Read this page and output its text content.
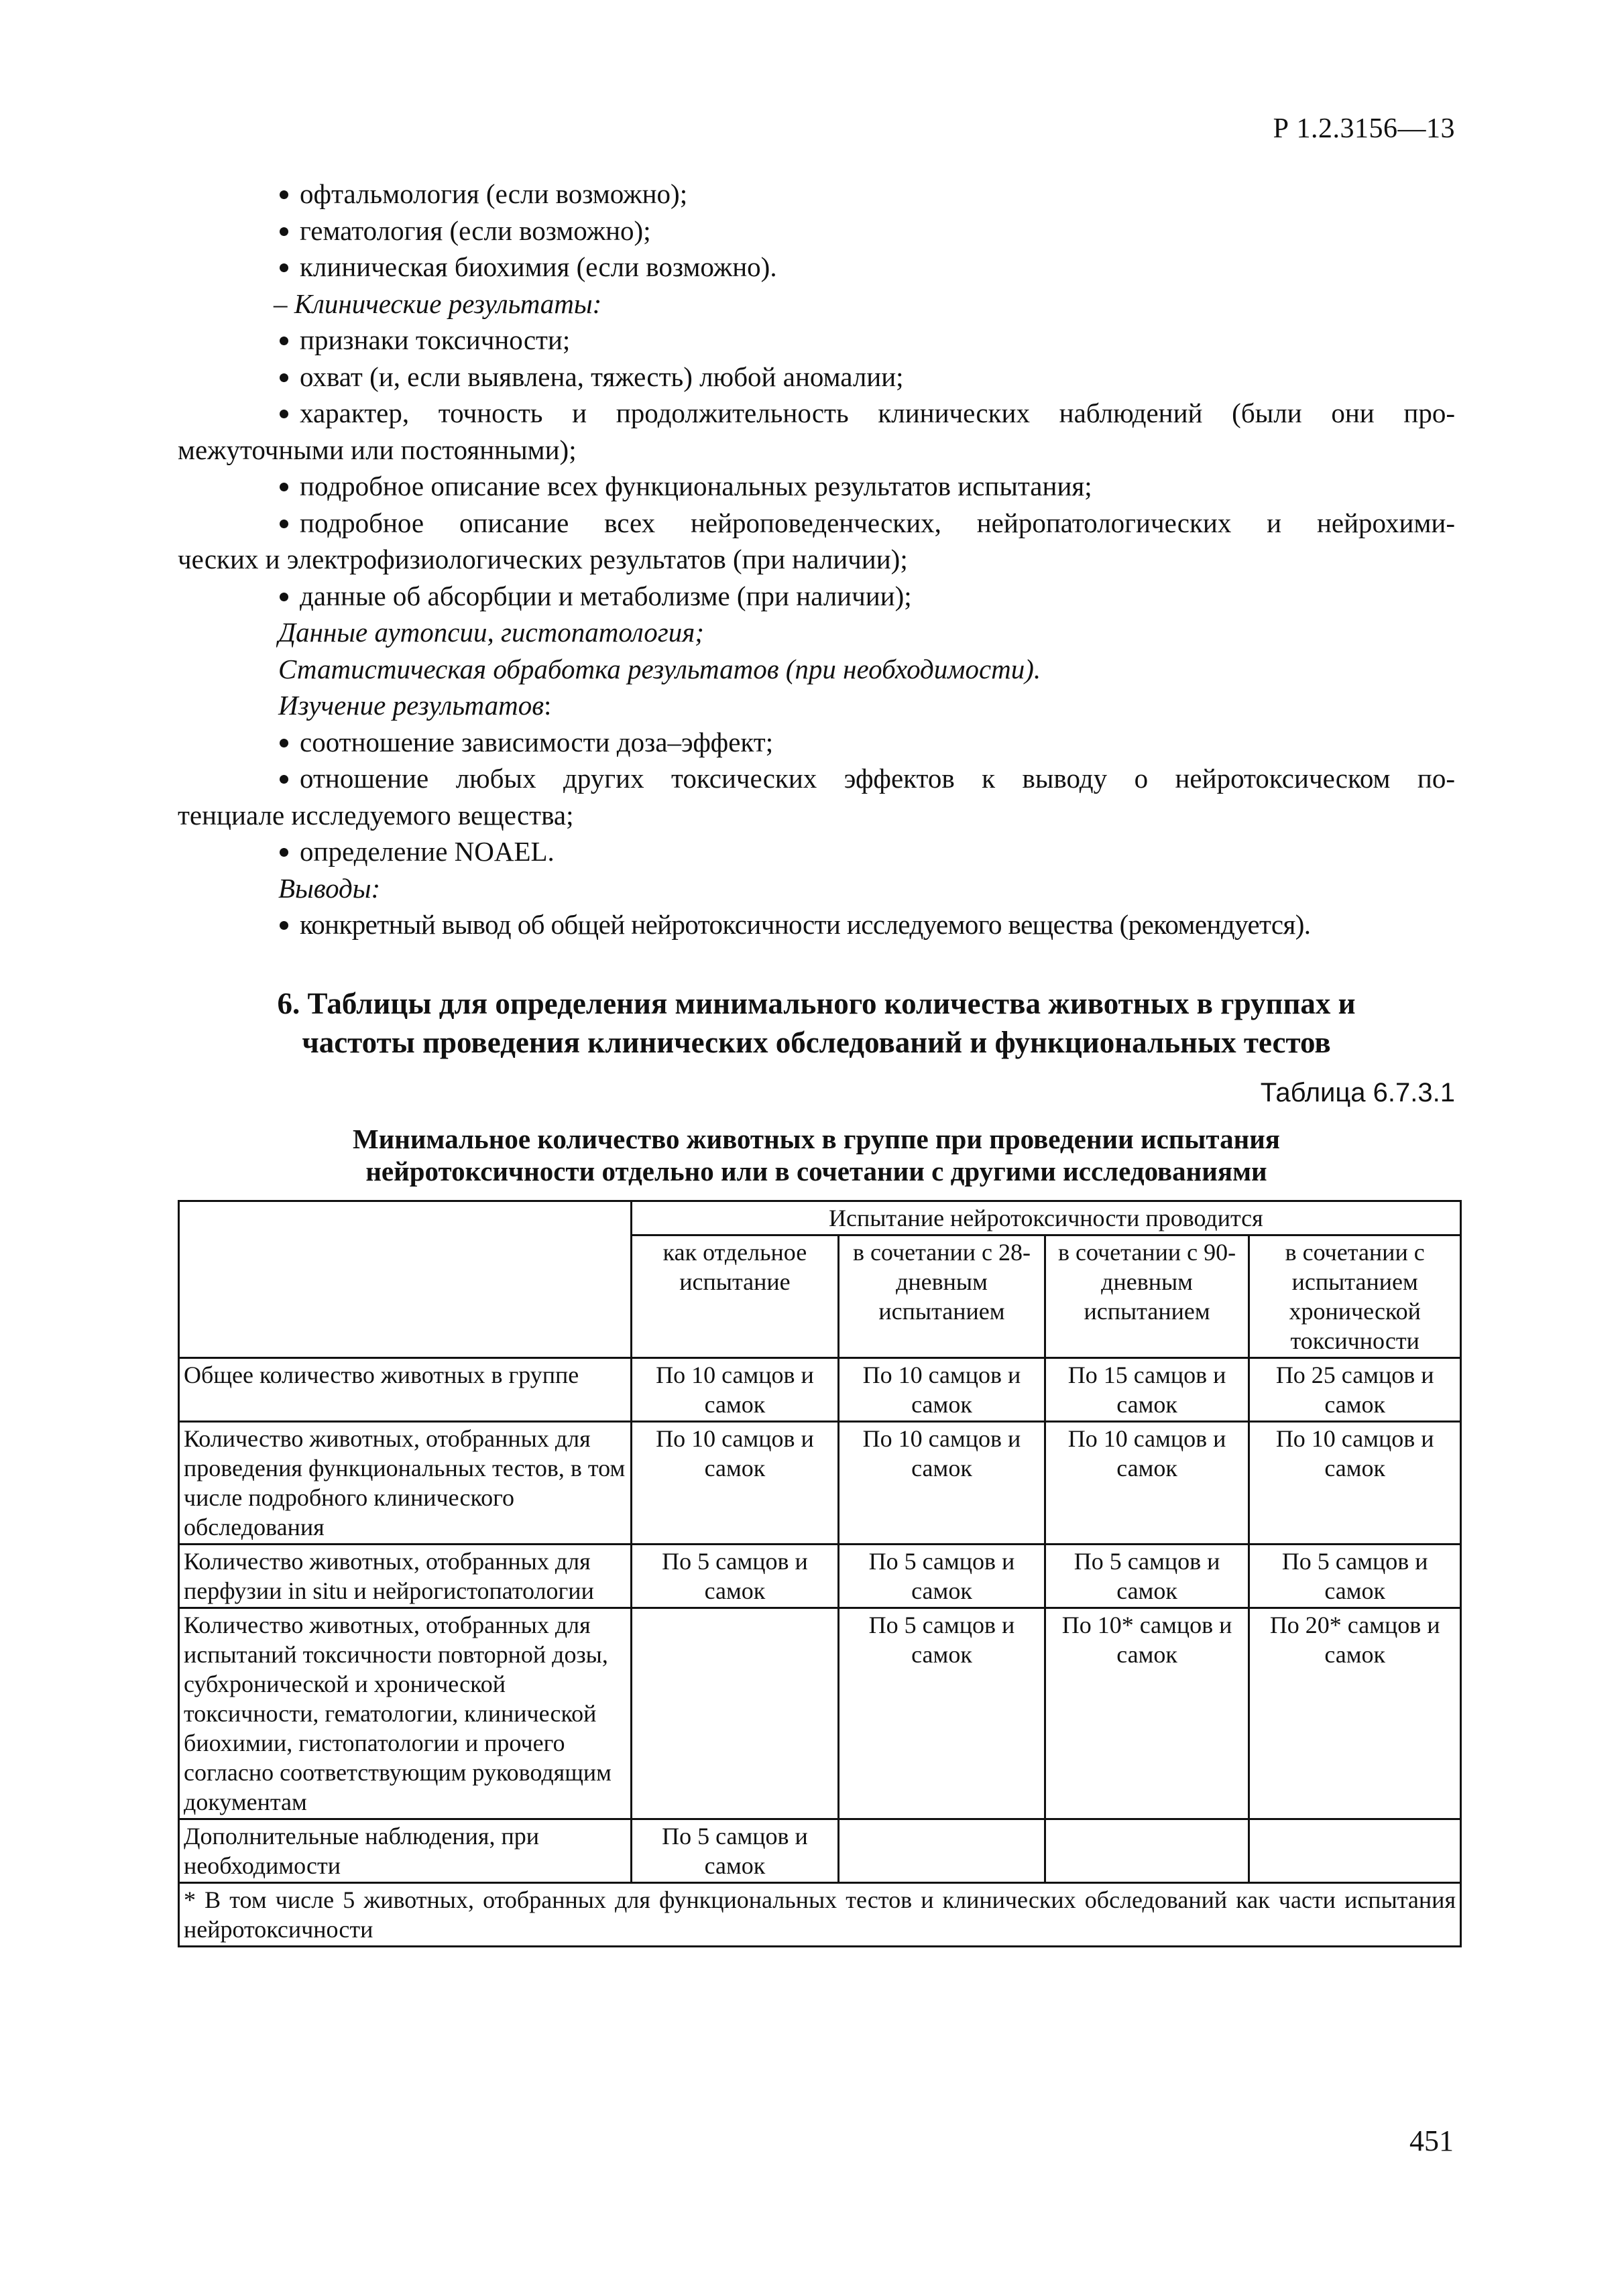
Р 1.2.3156—13
офтальмология (если возможно);
гематология (если возможно);
клиническая биохимия (если возможно).
– Клинические результаты:
признаки токсичности;
охват (и, если выявлена, тяжесть) любой аномалии;
характер, точность и продолжительность клинических наблюдений (были они про-
межуточными или постоянными);
подробное описание всех функциональных результатов испытания;
подробное описание всех нейроповеденческих, нейропатологических и нейрохими-
ческих и электрофизиологических результатов (при наличии);
данные об абсорбции и метаболизме (при наличии);
Данные аутопсии, гистопатология;
Статистическая обработка результатов (при необходимости).
Изучение результатов:
соотношение зависимости доза–эффект;
отношение любых других токсических эффектов к выводу о нейротоксическом по-
тенциале исследуемого вещества;
определение NOAEL.
Выводы:
конкретный вывод об общей нейротоксичности исследуемого вещества (рекомендуется).
6. Таблицы для определения минимального количества животных в группах и
частоты проведения клинических обследований и функциональных тестов
Таблица 6.7.3.1
Минимальное количество животных в группе при проведении испытания
нейротоксичности отдельно или в сочетании с другими исследованиями
	Испытание нейротоксичности проводится			
	как отдельное испытание	в сочетании с 28-дневным испытанием	в сочетании с 90-дневным испытанием	в сочетании с испытанием хронической токсичности
Общее количество животных в группе	По 10 самцов и самок	По 10 самцов и самок	По 15 самцов и самок	По 25 самцов и самок
Количество животных, отобранных для проведения функциональных тестов, в том числе подробного клинического обследования	По 10 самцов и самок	По 10 самцов и самок	По 10 самцов и самок	По 10 самцов и самок
Количество животных, отобранных для перфузии in situ и нейрогистопатологии	По 5 самцов и самок	По 5 самцов и самок	По 5 самцов и самок	По 5 самцов и самок
Количество животных, отобранных для испытаний токсичности повторной дозы, субхронической и хронической токсичности, гематологии, клинической биохимии, гистопатологии и прочего согласно соответствующим руководящим документам		По 5 самцов и самок	По 10* самцов и самок	По 20* самцов и самок
Дополнительные наблюдения, при необходимости	По 5 самцов и самок			
* В том числе 5 животных, отобранных для функциональных тестов и клинических обследований как части испытания нейротоксичности				
451
